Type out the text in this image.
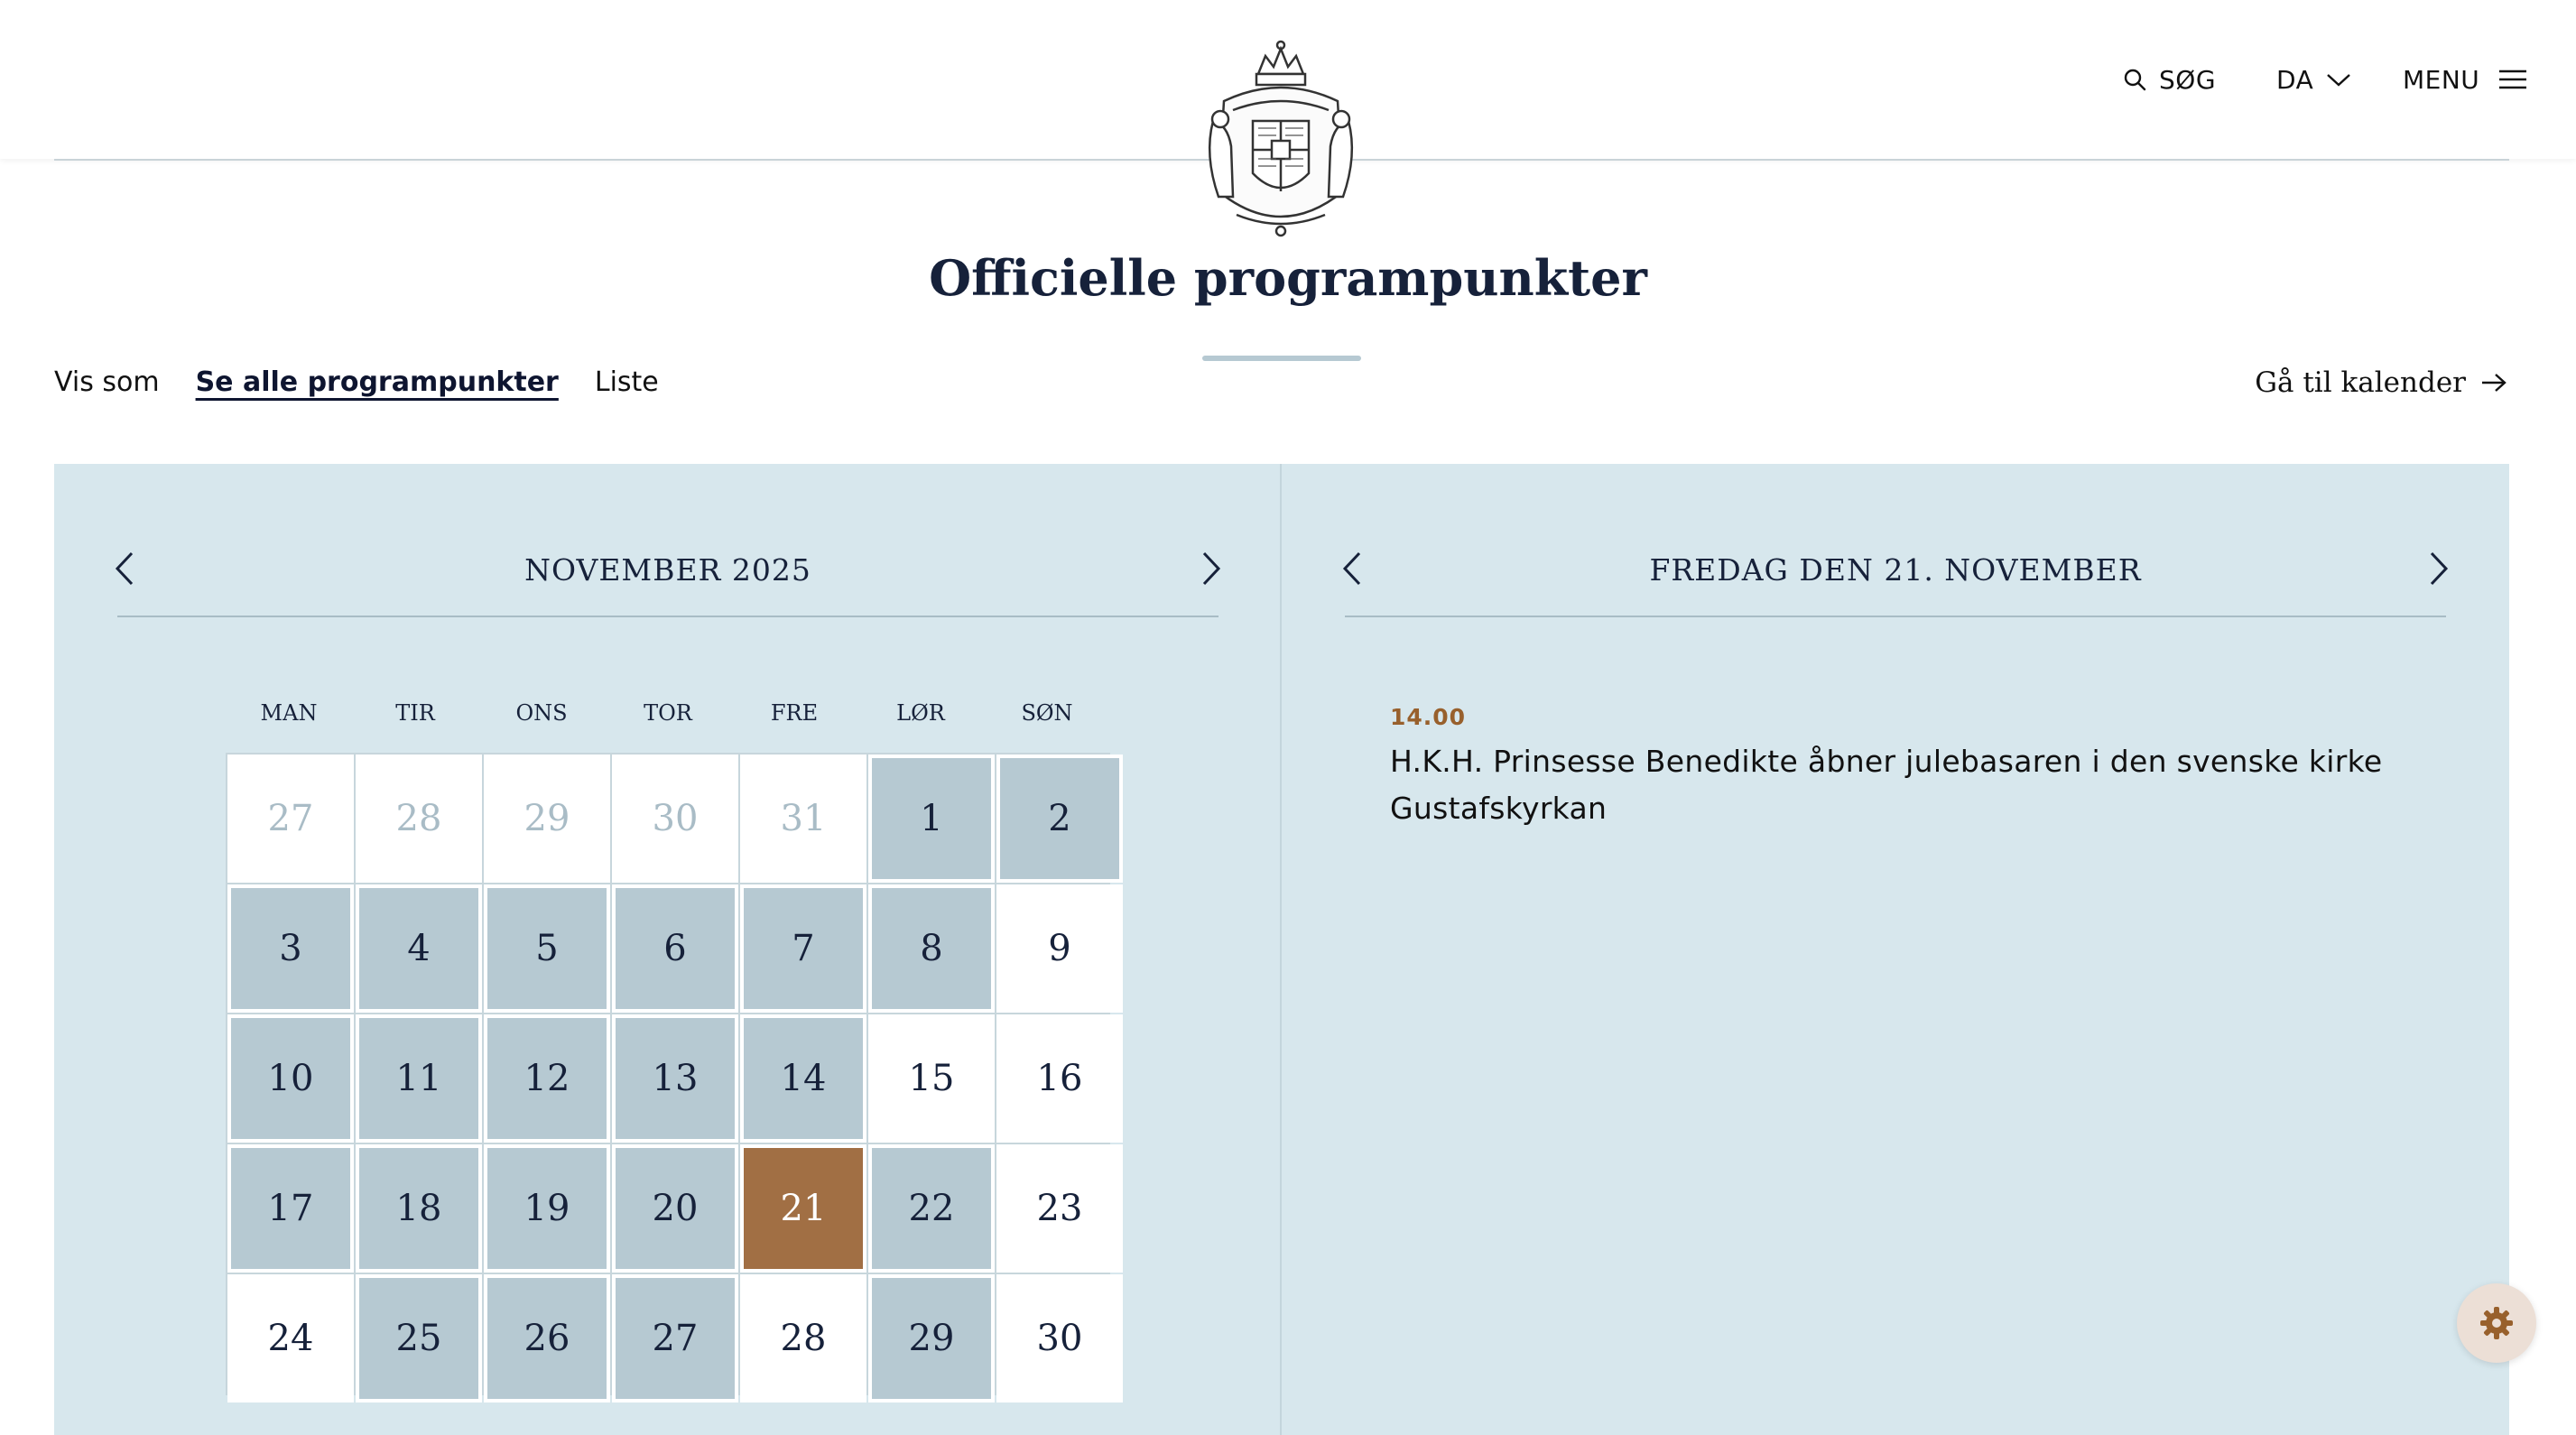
SØG DA	MENU
Officielle programpunkter
Vis som Se alle programpunkter Liste	Gå til kalender
NOVEMBER 2025	FREDAG DEN 21. NOVEMBER
MAN	TIR	ONS	TOR	FRE	LØR	SØN
27	28	29	30	31	1	2
3	4	5	6	7	8	9
10	11	12	13	14	15	16
17	18	19	20	21	22	23
24	25	26	27	28	29	30
14.00
H.K.H. Prinsesse Benedikte åbner julebasaren i den svenske kirke Gustafskyrkan
